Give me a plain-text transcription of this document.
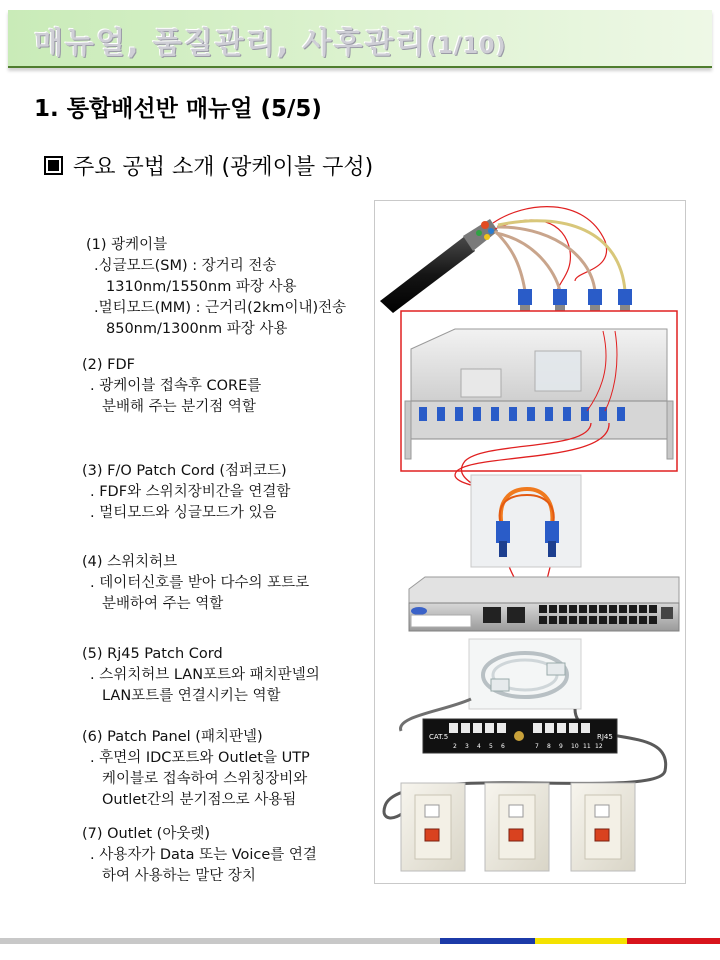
매뉴얼, 품질관리, 사후관리(1/10)
1. 통합배선반 매뉴얼 (5/5)
주요 공법 소개 (광케이블 구성)
(1) 광케이블
.싱글모드(SM) : 장거리 전송
1310nm/1550nm 파장 사용
.멀티모드(MM) : 근거리(2km이내)전송
850nm/1300nm 파장 사용
(2) FDF
. 광케이블 접속후 CORE를
분배해 주는 분기점 역할
(3) F/O Patch Cord (점퍼코드)
. FDF와 스위치장비간을 연결함
. 멀티모드와 싱글모드가 있음
(4) 스위치허브
. 데이터신호를 받아 다수의 포트로
분배하여 주는 역할
(5) Rj45 Patch Cord
. 스위치허브 LAN포트와 패치판넬의
LAN포트를 연결시키는 역할
(6) Patch Panel (패치판넬)
. 후면의 IDC포트와 Outlet을 UTP
케이블로 접속하여 스위칭장비와
Outlet간의 분기점으로 사용됨
(7) Outlet (아웃렛)
. 사용자가 Data 또는 Voice를 연결
하여 사용하는 말단 장치
CAT.5	RJ45
2 3 4 5 6	7 8 9 10 11 12
